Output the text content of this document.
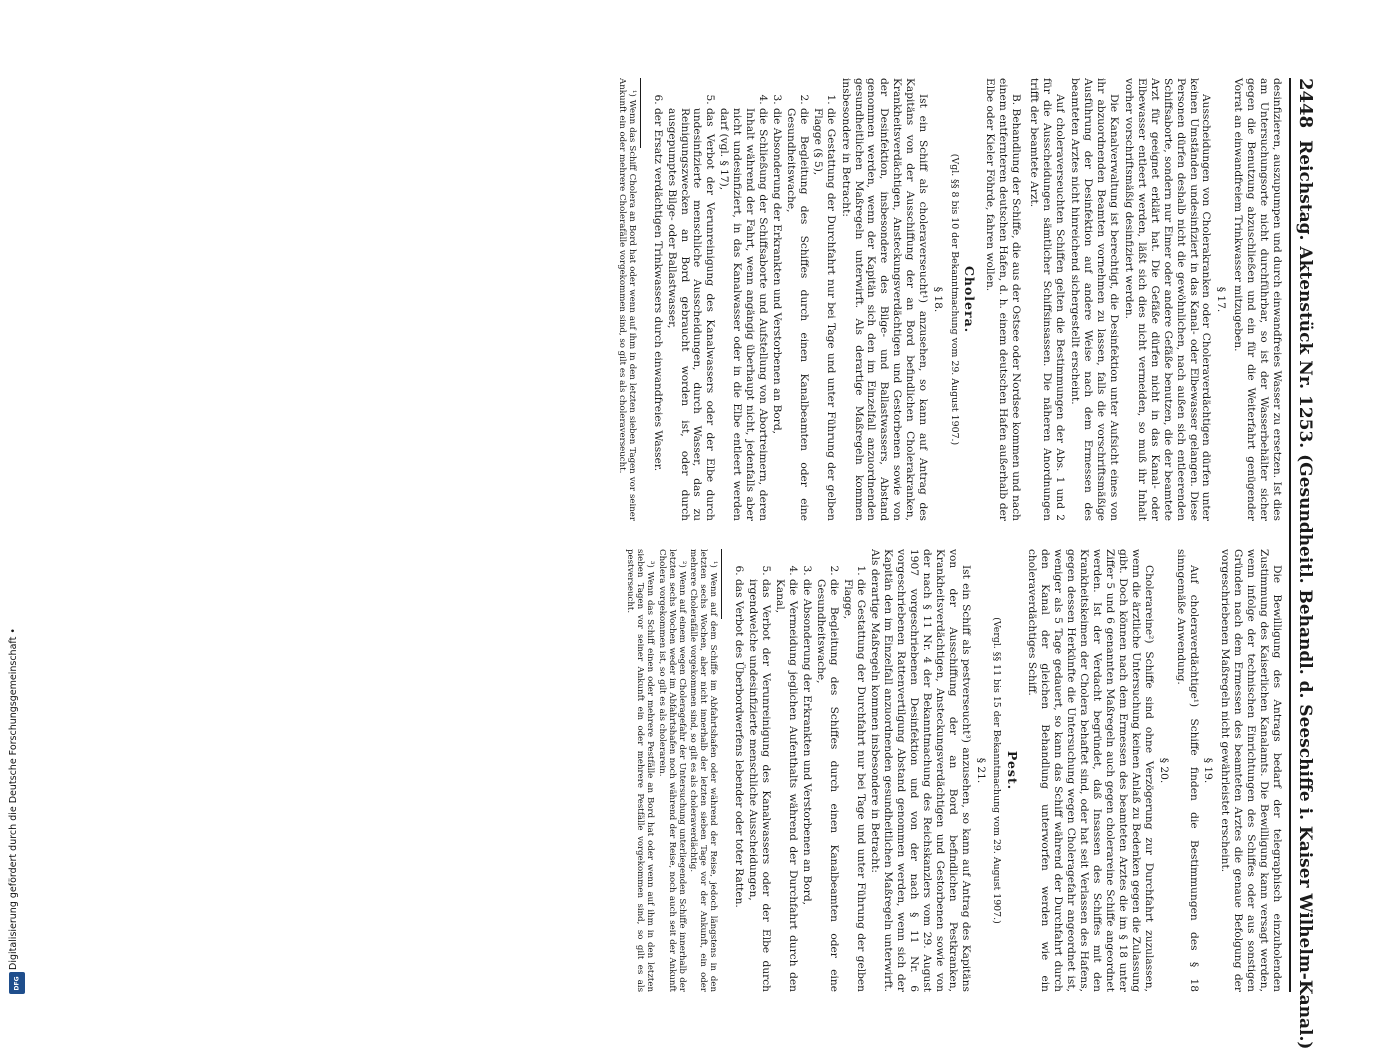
2448
Reichstag. Aktenstück Nr. 1253. (Gesundheitl. Behandl. d. Seeschiffe i. Kaiser Wilhelm-Kanal.)

desinfizieren, auszupumpen und durch einwandfreies Wasser zu ersetzen. Ist dies am Untersuchungsorte nicht durchführbar, so ist der Wasserbehälter sicher gegen die Benutzung abzuschließen und ein für die Weiterfahrt genügender Vorrat an einwandfreiem Trinkwasser mitzugeben.

§ 17.

Ausscheidungen von Cholerakranken oder Choleraverdächtigen dürfen unter keinen Umständen undesinfiziert in das Kanal- oder Elbewasser gelangen. Diese Personen dürfen deshalb nicht die gewöhnlichen, nach außen sich entleerenden Schiffsaborte, sondern nur Eimer oder andere Gefäße benutzen, die der beamtete Arzt für geeignet erklärt hat. Die Gefäße dürfen nicht in das Kanal- oder Elbewasser entleert werden, läßt sich dies nicht vermeiden, so muß ihr Inhalt vorher vorschriftsmäßig desinfiziert werden.

Die Kanalverwaltung ist berechtigt, die Desinfektion unter Aufsicht eines von ihr abzuordnenden Beamten vornehmen zu lassen, falls die vorschriftsmäßige Ausführung der Desinfektion auf andere Weise nach dem Ermessen des beamteten Arztes nicht hinreichend sichergestellt erscheint.

Auf choleraverseuchten Schiffen gelten die Bestimmungen der Abs. 1 und 2 für die Ausscheidungen sämtlicher Schiffsinsassen. Die näheren Anordnungen trifft der beamtete Arzt.

B. Behandlung der Schiffe, die aus der Ostsee oder Nordsee kommen und nach einem entfernteren deutschen Hafen, d. h. einem deutschen Hafen außerhalb der Elbe oder Kieler Föhrde, fahren wollen.

Cholera.
(Vgl. §§ 8 bis 10 der Bekanntmachung vom 29. August 1907.)
§ 18.

Ist ein Schiff als choleraverseucht¹) anzusehen, so kann auf Antrag des Kapitäns von der Ausschiffung der an Bord befindlichen Cholerakranken, Krankheitsverdächtigen, Ansteckungsverdächtigen und Gestorbenen sowie von der Desinfektion, insbesondere des Bilge- und Ballastwassers, Abstand genommen werden, wenn der Kapitän sich den im Einzelfall anzuordnenden gesundheitlichen Maßregeln unterwirft. Als derartige Maßregeln kommen insbesondere in Betracht:

1. die Gestattung der Durchfahrt nur bei Tage und unter Führung der gelben Flagge (§ 5),
2. die Begleitung des Schiffes durch einen Kanalbeamten oder eine Gesundheitswache,
3. die Absonderung der Erkrankten und Verstorbenen an Bord,
4. die Schließung der Schiffsaborte und Aufstellung von Abortreimern, deren Inhalt während der Fahrt, wenn angängig überhaupt nicht, jedenfalls aber nicht undesinfiziert, in das Kanalwasser oder in die Elbe entleert werden darf (vgl. § 17),
5. das Verbot der Verunreinigung des Kanalwassers oder der Elbe durch undesinfizierte menschliche Ausscheidungen, durch Wasser, das zu Reinigungszwecken an Bord gebraucht worden ist, oder durch ausgepumptes Bilge- oder Ballastwasser,
6. der Ersatz verdächtigen Trinkwassers durch einwandfreies Wasser.

¹) Wenn das Schiff Cholera an Bord hat oder wenn auf ihm in den letzten sieben Tagen vor seiner Ankunft ein oder mehrere Cholerafälle vorgekommen sind, so gilt es als choleraverseucht.

Die Bewilligung des Antrags bedarf der telegraphisch einzuholenden Zustimmung des Kaiserlichen Kanalamts. Die Bewilligung kann versagt werden, wenn infolge der technischen Einrichtungen des Schiffes oder aus sonstigen Gründen nach dem Ermessen des beamteten Arztes die genaue Befolgung der vorgeschriebenen Maßregeln nicht gewährleistet erscheint.

§ 19.

Auf choleraverdächtige¹) Schiffe finden die Bestimmungen des § 18 sinngemäße Anwendung.

§ 20.

Cholerareine²) Schiffe sind ohne Verzögerung zur Durchfahrt zuzulassen, wenn die ärztliche Untersuchung keinen Anlaß zu Bedenken gegen die Zulassung gibt. Doch können nach dem Ermessen des beamteten Arztes die im § 18 unter Ziffer 5 und 6 genannten Maßregeln auch gegen cholerareine Schiffe angeordnet werden. Ist der Verdacht begründet, daß Insassen des Schiffes mit den Krankheitskeimen der Cholera behaftet sind, oder hat seit Verlassen des Hafens, gegen dessen Herkünfte die Untersuchung wegen Choleragefahr angeordnet ist, weniger als 5 Tage gedauert, so kann das Schiff während der Durchfahrt durch den Kanal der gleichen Behandlung unterworfen werden wie ein choleraverdächtiges Schiff.

Pest.
(Vergl. §§ 11 bis 15 der Bekanntmachung vom 29. August 1907.)
§ 21.

Ist ein Schiff als pestverseucht³) anzusehen, so kann auf Antrag des Kapitäns von der Ausschiffung der an Bord befindlichen Pestkranken, Krankheitsverdächtigen, Ansteckungsverdächtigen und Gestorbenen sowie von der nach § 11 Nr. 4 der Bekanntmachung des Reichskanzlers vom 29. August 1907 vorgeschriebenen Desinfektion und von der nach § 11 Nr. 6 vorgeschriebenen Rattenvertilgung Abstand genommen werden, wenn sich der Kapitän den im Einzelfall anzuordnenden gesundheitlichen Maßregeln unterwirft. Als derartige Maßregeln kommen insbesondere in Betracht:

1. die Gestattung der Durchfahrt nur bei Tage und unter Führung der gelben Flagge,
2. die Begleitung des Schiffes durch einen Kanalbeamten oder eine Gesundheitswache,
3. die Absonderung der Erkrankten und Verstorbenen an Bord,
4. die Vermeidung jeglichen Aufenthalts während der Durchfahrt durch den Kanal,
5. das Verbot der Verunreinigung des Kanalwassers oder der Elbe durch irgendwelche undesinfizierte menschliche Ausscheidungen,
6. das Verbot des Überbordwerfens lebender oder toter Ratten.

¹) Wenn auf dem Schiffe im Abfahrtshafen oder während der Reise, jedoch längstens in den letzten sechs Wochen, aber nicht innerhalb der letzten sieben Tage vor der Ankunft, ein oder mehrere Cholerafälle vorgekommen sind, so gilt es als choleraverdächtig.

²) Wenn auf einem wegen Choleragefahr der Untersuchung unterliegenden Schiffe innerhalb der letzten sechs Wochen weder im Abfahrtshafen noch während der Reise, noch auch seit der Ankunft Cholera vorgekommen ist, so gilt es als cholerarein.

³) Wenn das Schiff einen oder mehrere Pestfälle an Bord hat oder wenn auf ihm in den letzten sieben Tagen vor seiner Ankunft ein oder mehrere Pestfälle vorgekommen sind, so gilt es als pestverseucht.

Digitalisierung gefördert durch die Deutsche Forschungsgemeinschaft •
DFG
